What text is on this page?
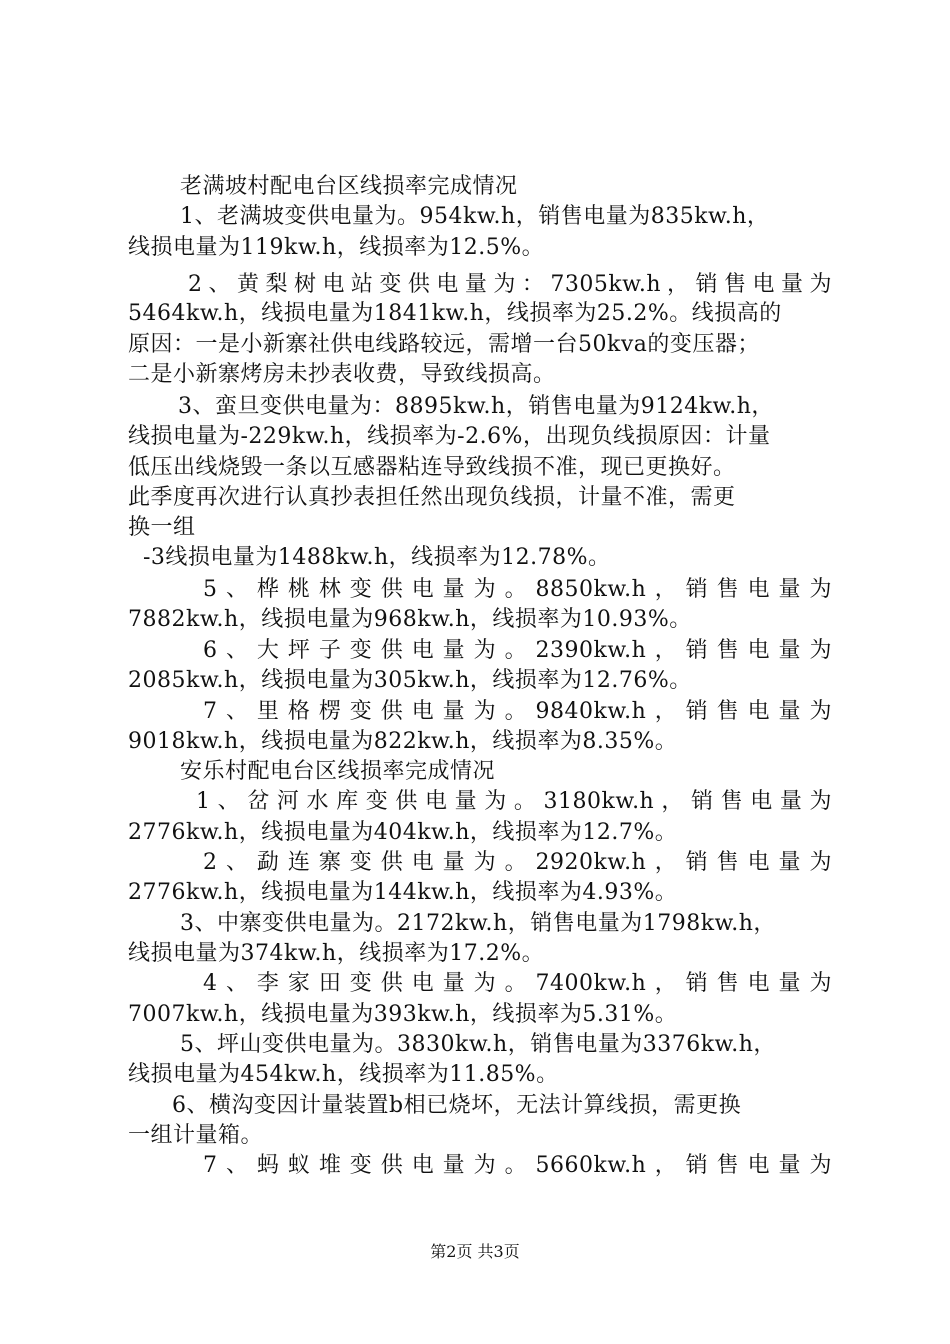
老满坡村配电台区线损率完成情况
1、老满坡变供电量为。954kw.h，销售电量为835kw.h，
线损电量为119kw.h，线损率为12.5%。
2、黄梨树电站变供电量为：7305kw.h，销售电量为
5464kw.h，线损电量为1841kw.h，线损率为25.2%。线损高的
原因：一是小新寨社供电线路较远，需增一台50kva的变压器；
二是小新寨烤房未抄表收费，导致线损高。
3、蛮旦变供电量为：8895kw.h，销售电量为9124kw.h，
线损电量为-229kw.h，线损率为-2.6%，出现负线损原因：计量
低压出线烧毁一条以互感器粘连导致线损不准，现已更换好。
此季度再次进行认真抄表担任然出现负线损，计量不准，需更
换一组
-3线损电量为1488kw.h，线损率为12.78%。
5、桦桃林变供电量为。8850kw.h，销售电量为
7882kw.h，线损电量为968kw.h，线损率为10.93%。
6、大坪子变供电量为。2390kw.h，销售电量为
2085kw.h，线损电量为305kw.h，线损率为12.76%。
7、里格楞变供电量为。9840kw.h，销售电量为
9018kw.h，线损电量为822kw.h，线损率为8.35%。
安乐村配电台区线损率完成情况
1、岔河水库变供电量为。3180kw.h，销售电量为
2776kw.h，线损电量为404kw.h，线损率为12.7%。
2、勐连寨变供电量为。2920kw.h，销售电量为
2776kw.h，线损电量为144kw.h，线损率为4.93%。
3、中寨变供电量为。2172kw.h，销售电量为1798kw.h，
线损电量为374kw.h，线损率为17.2%。
4、李家田变供电量为。7400kw.h，销售电量为
7007kw.h，线损电量为393kw.h，线损率为5.31%。
5、坪山变供电量为。3830kw.h，销售电量为3376kw.h，
线损电量为454kw.h，线损率为11.85%。
6、横沟变因计量装置b相已烧坏，无法计算线损，需更换
一组计量箱。
7、蚂蚁堆变供电量为。5660kw.h，销售电量为
第2页 共3页
